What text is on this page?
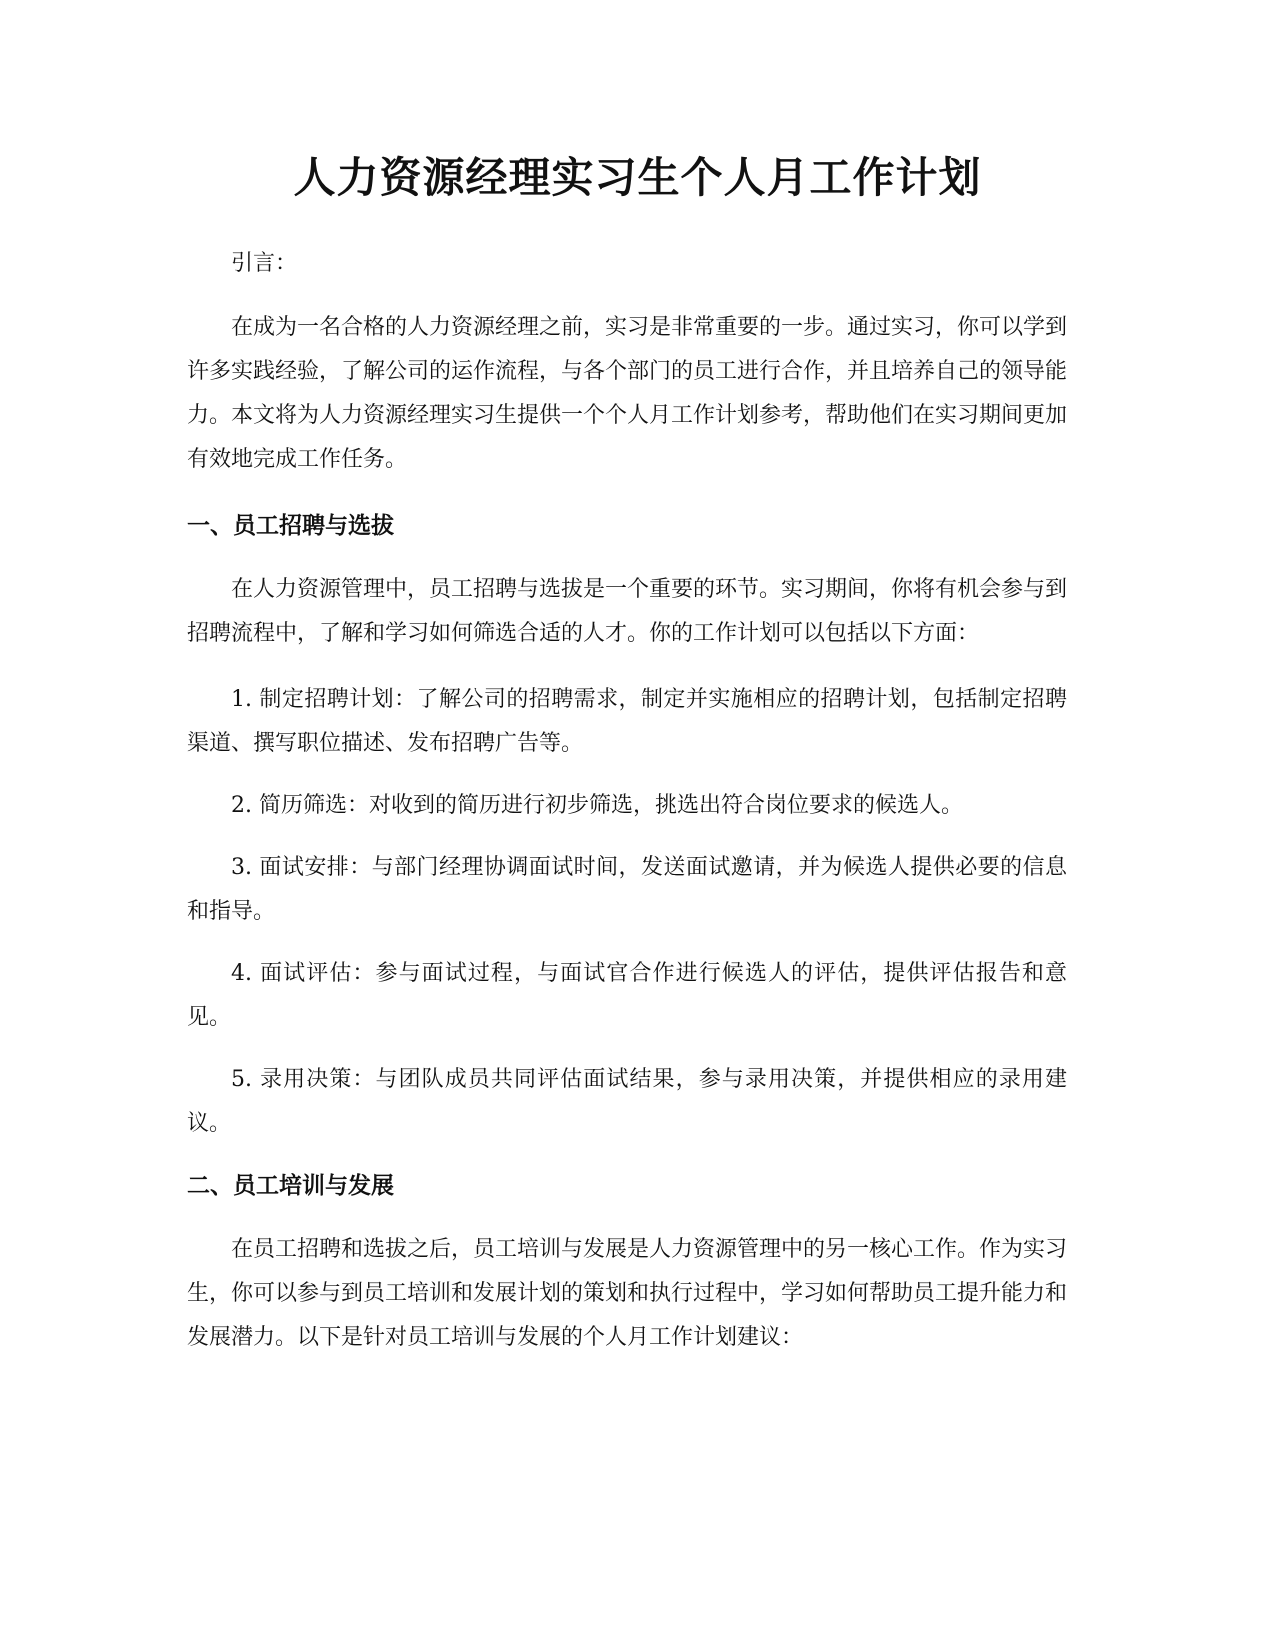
人力资源经理实习生个人月工作计划

引言：

在成为一名合格的人力资源经理之前，实习是非常重要的一步。通过实习，你可以学到许多实践经验，了解公司的运作流程，与各个部门的员工进行合作，并且培养自己的领导能力。本文将为人力资源经理实习生提供一个个人月工作计划参考，帮助他们在实习期间更加有效地完成工作任务。

一、员工招聘与选拔

在人力资源管理中，员工招聘与选拔是一个重要的环节。实习期间，你将有机会参与到招聘流程中，了解和学习如何筛选合适的人才。你的工作计划可以包括以下方面：

1. 制定招聘计划：了解公司的招聘需求，制定并实施相应的招聘计划，包括制定招聘渠道、撰写职位描述、发布招聘广告等。

2. 简历筛选：对收到的简历进行初步筛选，挑选出符合岗位要求的候选人。

3. 面试安排：与部门经理协调面试时间，发送面试邀请，并为候选人提供必要的信息和指导。

4. 面试评估：参与面试过程，与面试官合作进行候选人的评估，提供评估报告和意见。

5. 录用决策：与团队成员共同评估面试结果，参与录用决策，并提供相应的录用建议。

二、员工培训与发展

在员工招聘和选拔之后，员工培训与发展是人力资源管理中的另一核心工作。作为实习生，你可以参与到员工培训和发展计划的策划和执行过程中，学习如何帮助员工提升能力和发展潜力。以下是针对员工培训与发展的个人月工作计划建议：
